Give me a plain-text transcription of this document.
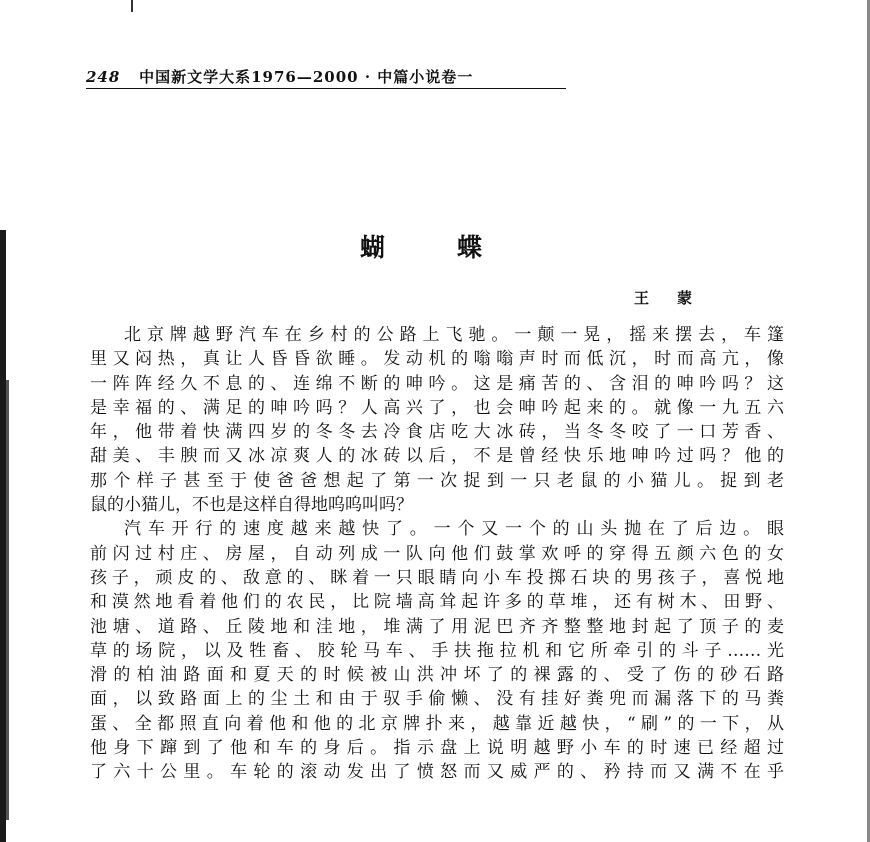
248 中国新文学大系1976—2000 · 中篇小说卷一
蝴蝶
王蒙
北京牌越野汽车在乡村的公路上飞驰。一颠一晃，摇来摆去，车篷
里又闷热，真让人昏昏欲睡。发动机的嗡嗡声时而低沉，时而高亢，像
一阵阵经久不息的、连绵不断的呻吟。这是痛苦的、含泪的呻吟吗？这
是幸福的、满足的呻吟吗？人高兴了，也会呻吟起来的。就像一九五六
年，他带着快满四岁的冬冬去冷食店吃大冰砖，当冬冬咬了一口芳香、
甜美、丰腴而又冰凉爽人的冰砖以后，不是曾经快乐地呻吟过吗？他的
那个样子甚至于使爸爸想起了第一次捉到一只老鼠的小猫儿。捉到老
鼠的小猫儿，不也是这样自得地呜呜叫吗？
汽车开行的速度越来越快了。一个又一个的山头抛在了后边。眼
前闪过村庄、房屋，自动列成一队向他们鼓掌欢呼的穿得五颜六色的女
孩子，顽皮的、敌意的、眯着一只眼睛向小车投掷石块的男孩子，喜悦地
和漠然地看着他们的农民，比院墙高耸起许多的草堆，还有树木、田野、
池塘、道路、丘陵地和洼地，堆满了用泥巴齐齐整整地封起了顶子的麦
草的场院，以及牲畜、胶轮马车、手扶拖拉机和它所牵引的斗子……光
滑的柏油路面和夏天的时候被山洪冲坏了的裸露的、受了伤的砂石路
面，以致路面上的尘土和由于驭手偷懒、没有挂好粪兜而漏落下的马粪
蛋、全都照直向着他和他的北京牌扑来，越靠近越快，“刷”的一下，从
他身下蹿到了他和车的身后。指示盘上说明越野小车的时速已经超过
了六十公里。车轮的滚动发出了愤怒而又威严的、矜持而又满不在乎
